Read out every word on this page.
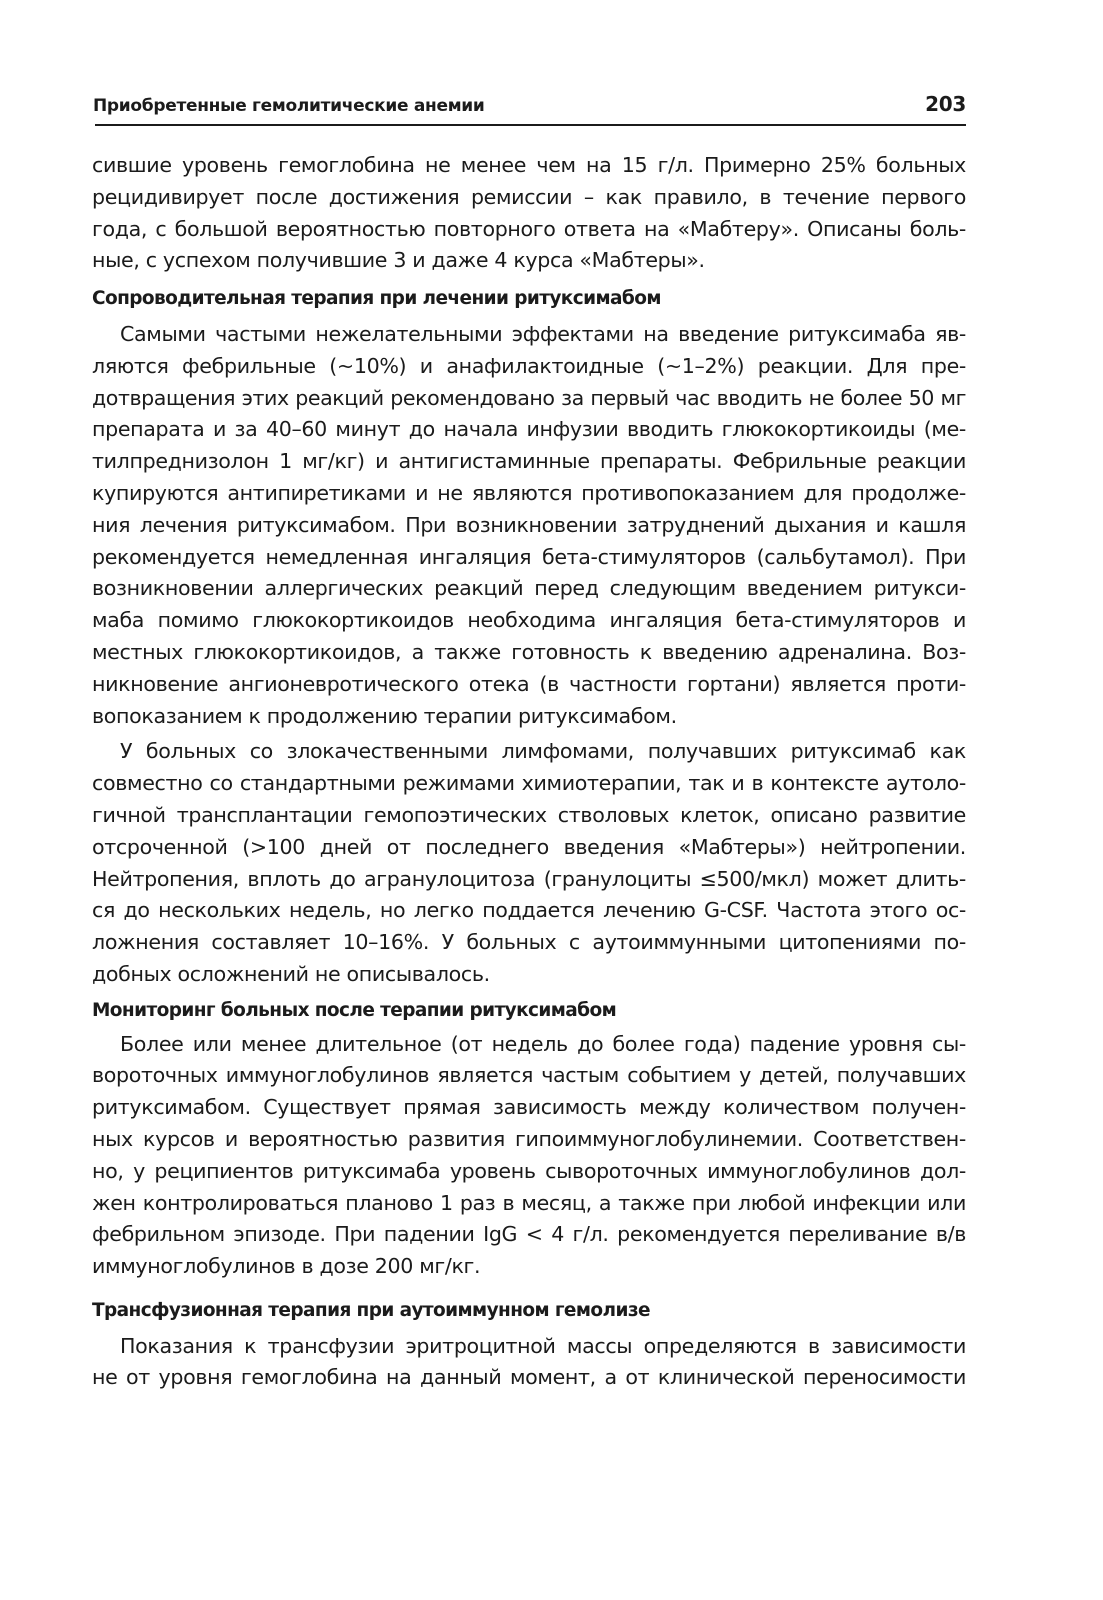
Приобретенные гемолитические анемии	203
сившие уровень гемоглобина не менее чем на 15 г/л. Примерно 25% больных
рецидивирует после достижения ремиссии – как правило, в течение первого
года, с большой вероятностью повторного ответа на «Мабтеру». Описаны боль-
ные, с успехом получившие 3 и даже 4 курса «Мабтеры».
Сопроводительная терапия при лечении ритуксимабом
Самыми частыми нежелательными эффектами на введение ритуксимаба яв-
ляются фебрильные (~10%) и анафилактоидные (~1–2%) реакции. Для пре-
дотвращения этих реакций рекомендовано за первый час вводить не более 50 мг
препарата и за 40–60 минут до начала инфузии вводить глюкокортикоиды (ме-
тилпреднизолон 1 мг/кг) и антигистаминные препараты. Фебрильные реакции
купируются антипиретиками и не являются противопоказанием для продолже-
ния лечения ритуксимабом. При возникновении затруднений дыхания и кашля
рекомендуется немедленная ингаляция бета-стимуляторов (сальбутамол). При
возникновении аллергических реакций перед следующим введением ритукси-
маба помимо глюкокортикоидов необходима ингаляция бета-стимуляторов и
местных глюкокортикоидов, а также готовность к введению адреналина. Воз-
никновение ангионевротического отека (в частности гортани) является проти-
вопоказанием к продолжению терапии ритуксимабом.
У больных со злокачественными лимфомами, получавших ритуксимаб как
совместно со стандартными режимами химиотерапии, так и в контексте аутоло-
гичной трансплантации гемопоэтических стволовых клеток, описано развитие
отсроченной (>100 дней от последнего введения «Мабтеры») нейтропении.
Нейтропения, вплоть до агранулоцитоза (гранулоциты ≤500/мкл) может длить-
ся до нескольких недель, но легко поддается лечению G-CSF. Частота этого ос-
ложнения составляет 10–16%. У больных с аутоиммунными цитопениями по-
добных осложнений не описывалось.
Мониторинг больных после терапии ритуксимабом
Более или менее длительное (от недель до более года) падение уровня сы-
вороточных иммуноглобулинов является частым событием у детей, получавших
ритуксимабом. Существует прямая зависимость между количеством получен-
ных курсов и вероятностью развития гипоиммуноглобулинемии. Соответствен-
но, у реципиентов ритуксимаба уровень сывороточных иммуноглобулинов дол-
жен контролироваться планово 1 раз в месяц, а также при любой инфекции или
фебрильном эпизоде. При падении IgG < 4 г/л. рекомендуется переливание в/в
иммуноглобулинов в дозе 200 мг/кг.
Трансфузионная терапия при аутоиммунном гемолизе
Показания к трансфузии эритроцитной массы определяются в зависимости
не от уровня гемоглобина на данный момент, а от клинической переносимости
